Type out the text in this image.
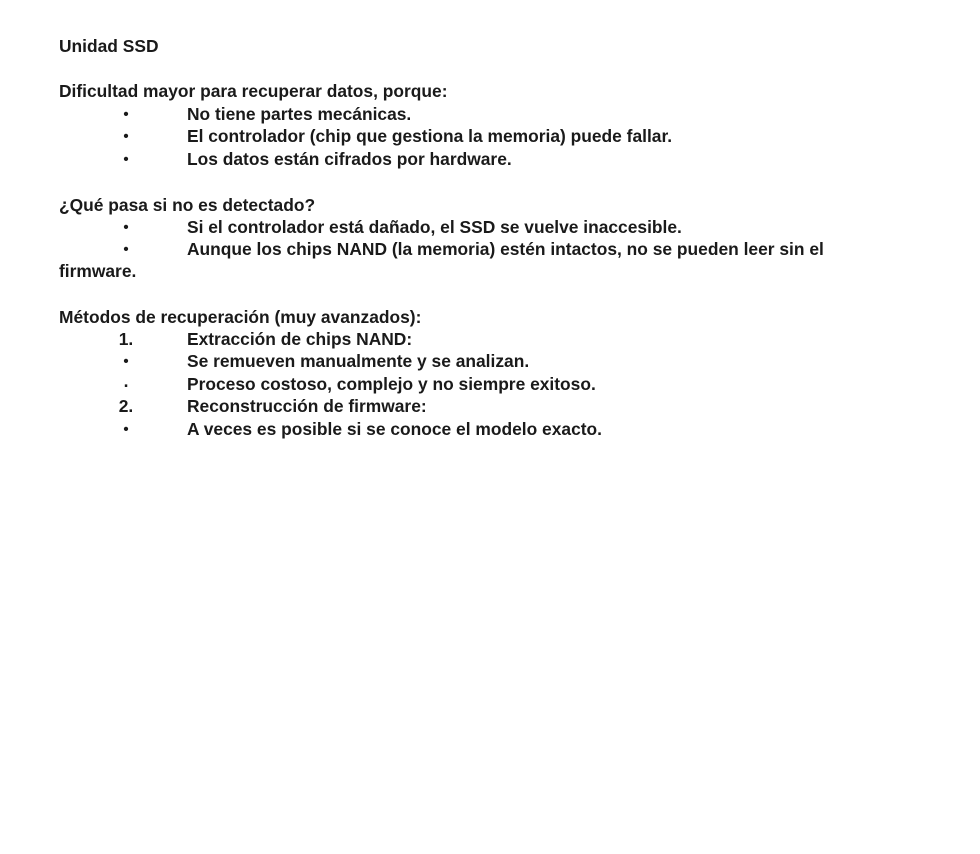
Unidad SSD
Dificultad mayor para recuperar datos, porque:
•	No tiene partes mecánicas.
•	El controlador (chip que gestiona la memoria) puede fallar.
•	Los datos están cifrados por hardware.
¿Qué pasa si no es detectado?
•	Si el controlador está dañado, el SSD se vuelve inaccesible.
•	Aunque los chips NAND (la memoria) estén intactos, no se pueden leer sin el
firmware.
Métodos de recuperación (muy avanzados):
1.	Extracción de chips NAND:
•	Se remueven manualmente y se analizan.
.	Proceso costoso, complejo y no siempre exitoso.
2.	Reconstrucción de firmware:
•	A veces es posible si se conoce el modelo exacto.
